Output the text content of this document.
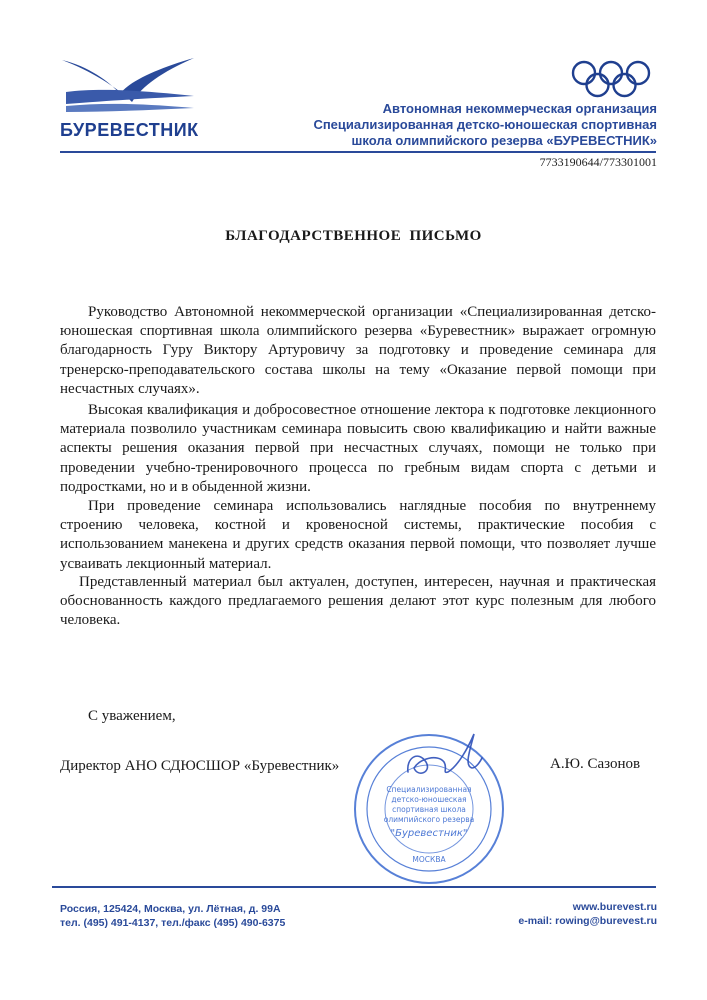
БУРЕВЕСТНИК
Автономная некоммерческая организация
Специализированная детско-юношеская спортивная
школа олимпийского резерва «БУРЕВЕСТНИК»
7733190644/773301001
БЛАГОДАРСТВЕННОЕ ПИСЬМО
Руководство Автономной некоммерческой организации «Специализированная детско-юношеская спортивная школа олимпийского резерва «Буревестник» выражает огромную благодарность Гуру Виктору Артуровичу за подготовку и проведение семинара для тренерско-преподавательского состава школы на тему «Оказание первой помощи при несчастных случаях».
Высокая квалификация и добросовестное отношение лектора к подготовке лекционного материала позволило участникам семинара повысить свою квалификацию и найти важные аспекты решения оказания первой при несчастных случаях, помощи не только при проведении учебно-тренировочного процесса по гребным видам спорта с детьми и подростками, но и в обыденной жизни.
При проведение семинара использовались наглядные пособия по внутреннему строению человека, костной и кровеносной системы, практические пособия с использованием манекена и других средств оказания первой помощи, что позволяет лучше усваивать лекционный материал.
Представленный материал был актуален, доступен, интересен, научная и практическая обоснованность каждого предлагаемого решения делают этот курс полезным для любого человека.
С уважением,
Директор АНО СДЮСШОР «Буревестник»	А.Ю. Сазонов
Специализированная
детско-юношеская
спортивная школа
олимпийского резерва
"Буревестник"
МОСКВА
Россия, 125424, Москва, ул. Лётная, д. 99А
тел. (495) 491-4137, тел./факс (495) 490-6375
www.burevest.ru
e-mail: rowing@burevest.ru
